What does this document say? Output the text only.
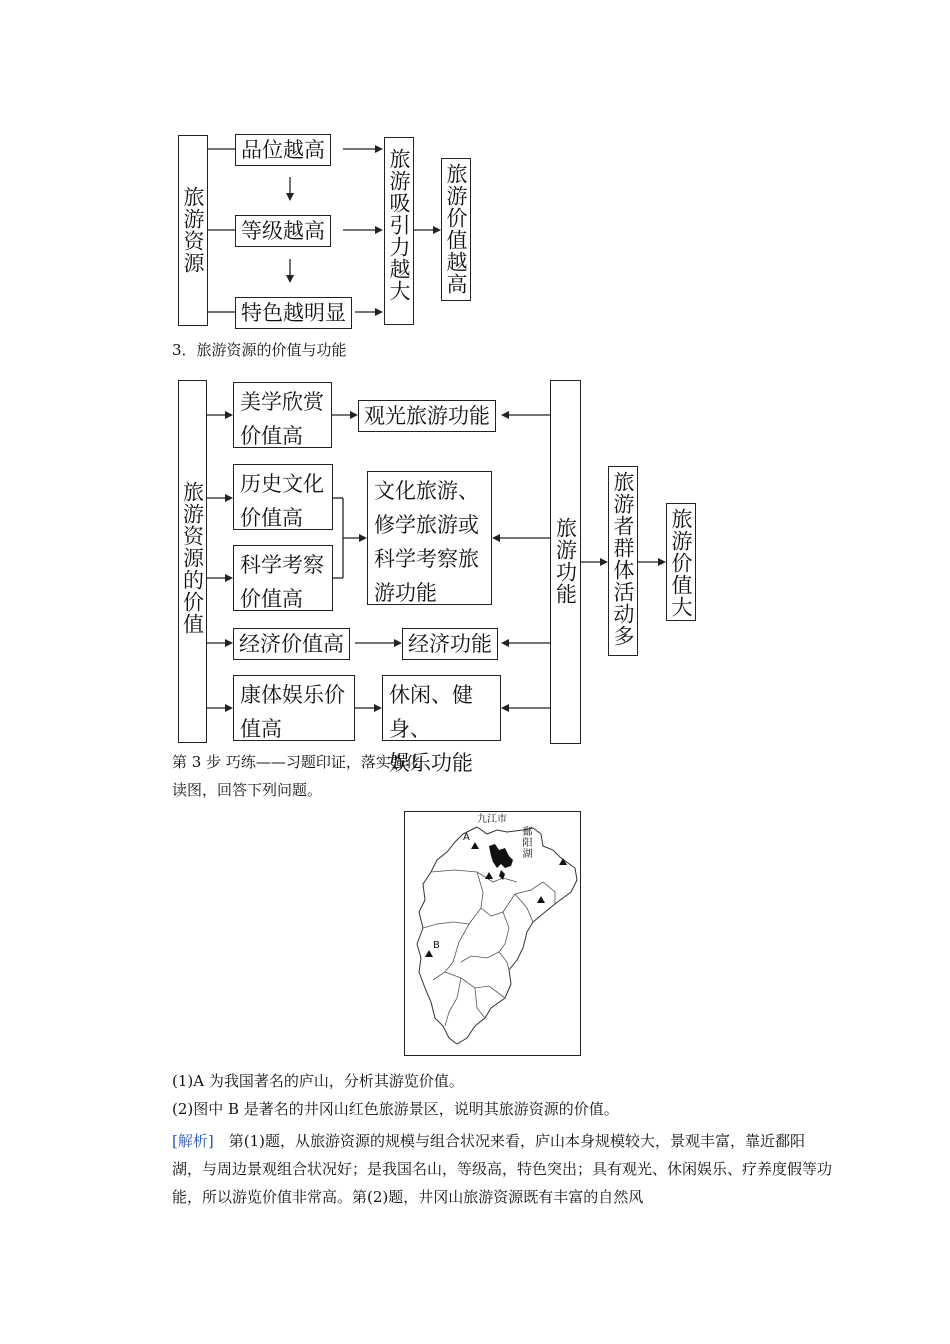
旅游资源
品位越高
等级越高
特色越明显
旅游吸引力越大 旅游价值越高
3．旅游资源的价值与功能
旅游资源的价值
美学欣赏
价值高
历史文化
价值高
科学考察
价值高
经济价值高
康体娱乐价
值高
观光旅游功能
文化旅游、
修学旅游或
科学考察旅
游功能
经济功能
休闲、健身、
娱乐功能
旅游功能 旅游者群体活动多 旅游价值大
第 3 步 巧练——习题印证，落实强化
读图，回答下列问题。
九江市
鄱阳湖
A
B
(1)A 为我国著名的庐山，分析其游览价值。
(2)图中 B 是著名的井冈山红色旅游景区，说明其旅游资源的价值。
[解析]　第(1)题，从旅游资源的规模与组合状况来看，庐山本身规模较大，景观丰富，靠近鄱阳湖，与周边景观组合状况好；是我国名山，等级高，特色突出；具有观光、休闲娱乐、疗养度假等功能，所以游览价值非常高。第(2)题，井冈山旅游资源既有丰富的自然风
